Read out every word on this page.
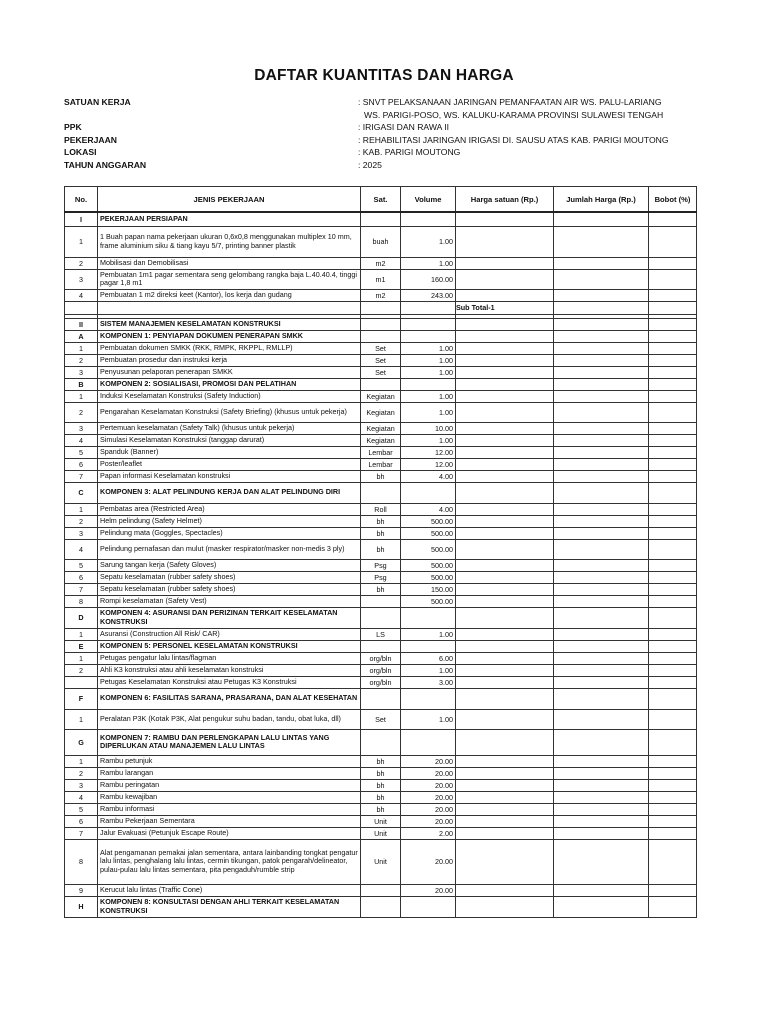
DAFTAR KUANTITAS DAN HARGA
SATUAN KERJA	: SNVT PELAKSANAAN JARINGAN PEMANFAATAN AIR WS. PALU-LARIANG
WS. PARIGI-POSO, WS. KALUKU-KARAMA PROVINSI SULAWESI TENGAH
PPK	: IRIGASI DAN RAWA II
PEKERJAAN	: REHABILITASI JARINGAN IRIGASI DI. SAUSU ATAS KAB. PARIGI MOUTONG
LOKASI	: KAB. PARIGI MOUTONG
TAHUN ANGGARAN	: 2025
No.	JENIS PEKERJAAN	Sat.	Volume	Harga satuan (Rp.)	Jumlah Harga (Rp.)	Bobot (%)
I	PEKERJAAN PERSIAPAN					
1	1 Buah papan nama pekerjaan ukuran 0,6x0,8 menggunakan multiplex 10 mm, frame aluminium siku & tiang kayu 5/7, printing banner plastik	buah	1.00			
2	Mobilisasi dan Demobilisasi	m2	1.00			
3	Pembuatan 1m1 pagar sementara seng gelombang rangka baja L.40.40.4, tinggi pagar 1,8 m1	m1	160.00			
4	Pembuatan 1 m2 direksi keet (Kantor), los kerja dan gudang	m2	243.00			
				Sub Total-1		

II	SISTEM MANAJEMEN KESELAMATAN KONSTRUKSI					
A	KOMPONEN 1: PENYIAPAN DOKUMEN PENERAPAN SMKK					
1	Pembuatan dokumen SMKK (RKK, RMPK, RKPPL, RMLLP)	Set	1.00			
2	Pembuatan prosedur dan instruksi kerja	Set	1.00			
3	Penyusunan pelaporan penerapan SMKK	Set	1.00			
B	KOMPONEN 2: SOSIALISASI, PROMOSI DAN PELATIHAN					
1	Induksi Keselamatan Konstruksi (Safety Induction)	Kegiatan	1.00			
2	Pengarahan Keselamatan Konstruksi (Safety Briefing) (khusus untuk pekerja)	Kegiatan	1.00			
3	Pertemuan keselamatan (Safety Talk) (khusus untuk pekerja)	Kegiatan	10.00			
4	Simulasi Keselamatan Konstruksi (tanggap darurat)	Kegiatan	1.00			
5	Spanduk (Banner)	Lembar	12.00			
6	Poster/leaflet	Lembar	12.00			
7	Papan informasi Keselamatan konstruksi	bh	4.00			
C	KOMPONEN 3: ALAT PELINDUNG KERJA DAN ALAT PELINDUNG DIRI					
1	Pembatas area (Restricted Area)	Roll	4.00			
2	Helm pelindung (Safety Helmet)	bh	500.00			
3	Pelindung mata (Goggles, Spectacles)	bh	500.00			
4	Pelindung pernafasan dan mulut (masker respirator/masker non-medis 3 ply)	bh	500.00			
5	Sarung tangan kerja (Safety Gloves)	Psg	500.00			
6	Sepatu keselamatan (rubber safety shoes)	Psg	500.00			
7	Sepatu keselamatan (rubber safety shoes)	bh	150.00			
8	Rompi keselamatan (Safety Vest)		500.00			
D	KOMPONEN 4: ASURANSI DAN PERIZINAN TERKAIT KESELAMATAN KONSTRUKSI					
1	Asuransi (Construction All Risk/ CAR)	LS	1.00			
E	KOMPONEN 5: PERSONEL KESELAMATAN KONSTRUKSI					
1	Petugas pengatur lalu lintas/flagman	org/bln	6.00			
2	Ahli K3 konstruksi atau ahli keselamatan konstruksi	org/bln	1.00			
	Petugas Keselamatan Konstruksi atau Petugas K3 Konstruksi	org/bln	3.00			
F	KOMPONEN 6: FASILITAS SARANA, PRASARANA, DAN ALAT KESEHATAN					
1	Peralatan P3K (Kotak P3K, Alat pengukur suhu badan, tandu, obat luka, dll)	Set	1.00			
G	KOMPONEN 7: RAMBU DAN PERLENGKAPAN LALU LINTAS YANG DIPERLUKAN ATAU MANAJEMEN LALU LINTAS					
1	Rambu petunjuk	bh	20.00			
2	Rambu larangan	bh	20.00			
3	Rambu peringatan	bh	20.00			
4	Rambu kewajiban	bh	20.00			
5	Rambu informasi	bh	20.00			
6	Rambu Pekerjaan Sementara	Unit	20.00			
7	Jalur Evakuasi (Petunjuk Escape Route)	Unit	2.00			
8	Alat pengamanan pemakai jalan sementara, antara lainbanding tongkat pengatur lalu lintas, penghalang lalu lintas, cermin tikungan, patok pengarah/delineator, pulau-pulau lalu lintas sementara, pita pengaduh/rumble strip	Unit	20.00			
9	Kerucut lalu lintas (Traffic Cone)		20.00			
H	KOMPONEN 8: KONSULTASI DENGAN AHLI TERKAIT KESELAMATAN KONSTRUKSI					
